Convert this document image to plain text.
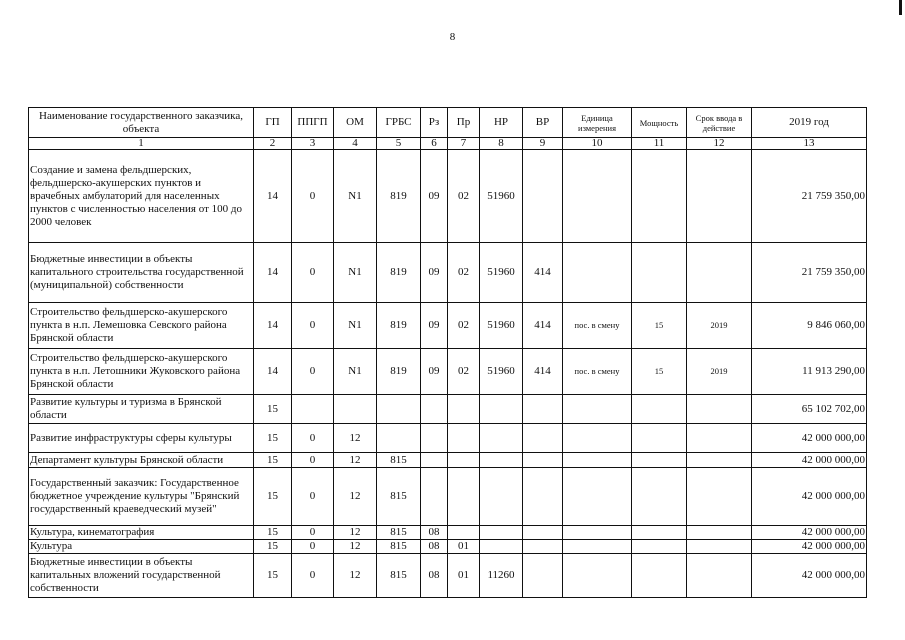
8
Наименование государственного заказчика, объекта	ГП	ППГП	ОМ	ГРБС	Рз	Пр	НР	ВР	Единица измерения	Мощность	Срок ввода в действие	2019 год
1	2	3	4	5	6	7	8	9	10	11	12	13
Создание и замена фельдшерских, фельдшерско-акушерских пунктов и врачебных амбулаторий для населенных пунктов с численностью населения от 100 до 2000 человек	14	0	N1	819	09	02	51960					21 759 350,00
Бюджетные инвестиции в объекты капитального строительства государственной (муниципальной) собственности	14	0	N1	819	09	02	51960	414				21 759 350,00
Строительство фельдшерско-акушерского пункта в н.п. Лемешовка Севского района Брянской области	14	0	N1	819	09	02	51960	414	пос. в смену	15	2019	9 846 060,00
Строительство фельдшерско-акушерского пункта в н.п. Летошники Жуковского района Брянской области	14	0	N1	819	09	02	51960	414	пос. в смену	15	2019	11 913 290,00
Развитие культуры и туризма в Брянской области	15											65 102 702,00
Развитие инфраструктуры сферы культуры	15	0	12									42 000 000,00
Департамент культуры Брянской области	15	0	12	815								42 000 000,00
Государственный заказчик: Государственное бюджетное учреждение культуры "Брянский государственный краеведческий музей"	15	0	12	815								42 000 000,00
Культура, кинематография	15	0	12	815	08							42 000 000,00
Культура	15	0	12	815	08	01						42 000 000,00
Бюджетные инвестиции в объекты капитальных вложений государственной собственности	15	0	12	815	08	01	11260					42 000 000,00
